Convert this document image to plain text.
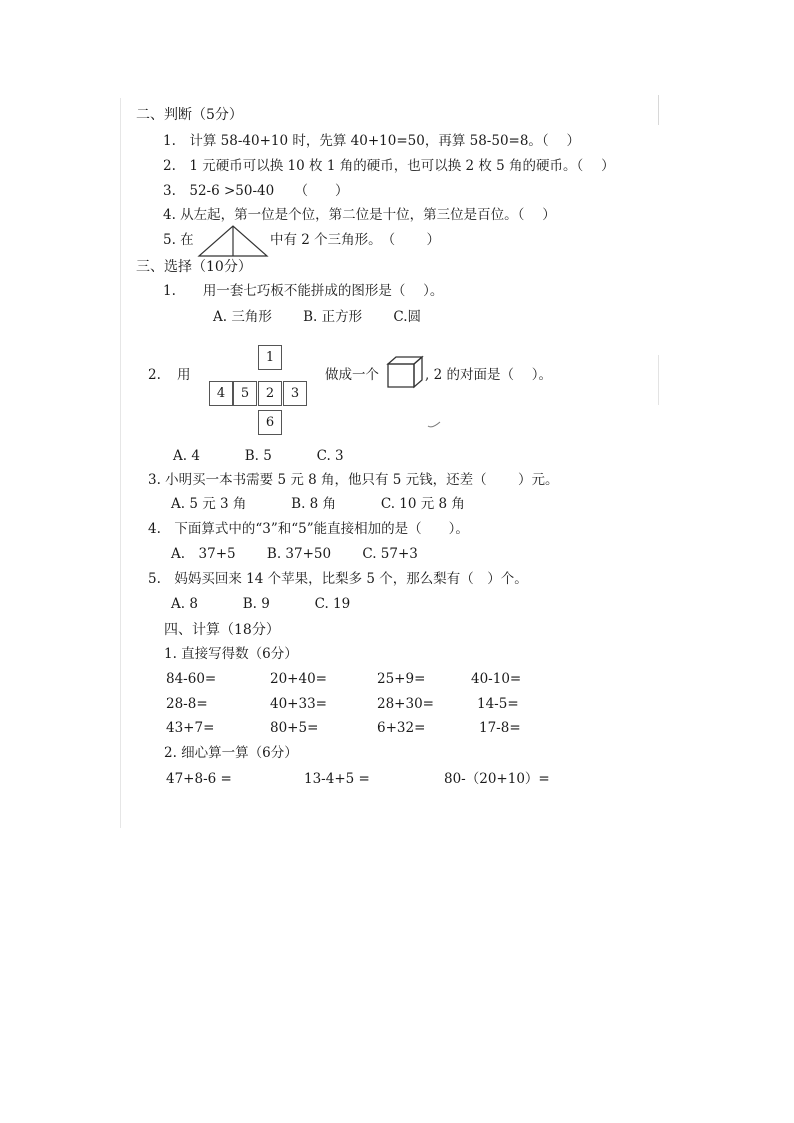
二、判断（5分）
1.　计算 58-40+10 时，先算 40+10=50，再算 58-50=8。（　 ）
2.　1 元硬币可以换 10 枚 1 角的硬币，也可以换 2 枚 5 角的硬币。（　 ）
3.　52-6 >50-40　　（　　）
4. 从左起，第一位是个位，第二位是十位，第三位是百位。（　 ）
5. 在	中有 2 个三角形。　（　　 ）
三、选择（10分）
1.　　用一套七巧板不能拼成的图形是（　 ）。
A. 三角形　　 B. 正方形　　 C.圆
2. 用
1
4	5	2	3
6
做成一个	, 2 的对面是（　 ）。
A. 4　　　 B. 5　　　 C. 3
3. 小明买一本书需要 5 元 8 角，他只有 5 元钱，还差（　　 ）元。
A. 5 元 3 角　　　 B. 8 角　　　 C. 10 元 8 角
4.　下面算式中的“3”和“5”能直接相加的是（　　）。
A.　37+5　　 B. 37+50　　 C. 57+3
5.　妈妈买回来 14 个苹果，比梨多 5 个，那么梨有（　）个。
A. 8　　　 B. 9　　　 C. 19
四、计算（18分）
1. 直接写得数（6分）
84-60=	20+40=	25+9=	40-10=
28-8=	40+33=	28+30=	14-5=
43+7=	80+5=	6+32=	17-8=
2. 细心算一算（6分）
47+8-6 =	13-4+5 =	80-（20+10）=
